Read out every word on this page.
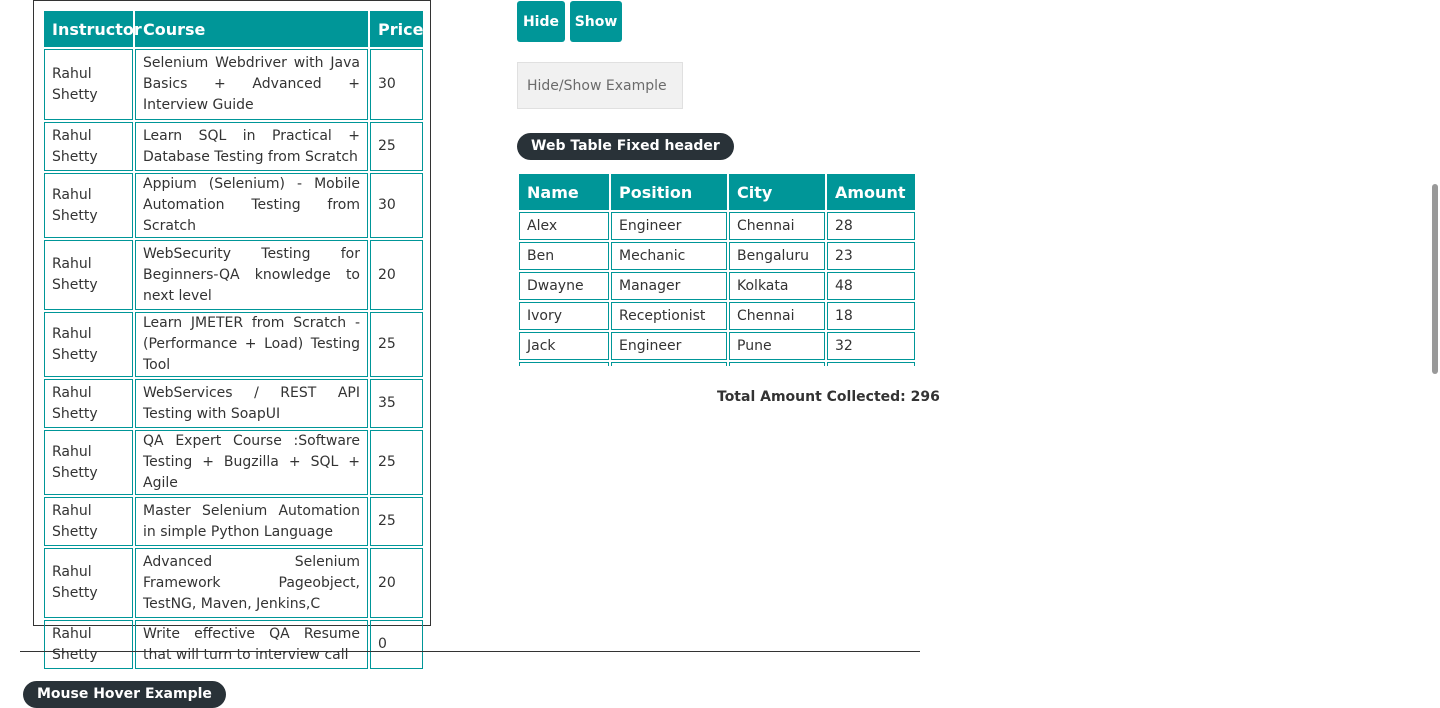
Instructor	Course	Price
Rahul Shetty	Selenium Webdriver with Java Basics + Advanced + Interview Guide	30
Rahul Shetty	Learn SQL in Practical + Database Testing from Scratch	25
Rahul Shetty	Appium (Selenium) - Mobile Automation Testing from Scratch	30
Rahul Shetty	WebSecurity Testing for Beginners-QA knowledge to next level	20
Rahul Shetty	Learn JMETER from Scratch - (Performance + Load) Testing Tool	25
Rahul Shetty	WebServices / REST API Testing with SoapUI	35
Rahul Shetty	QA Expert Course :Software Testing + Bugzilla + SQL + Agile	25
Rahul Shetty	Master Selenium Automation in simple Python Language	25
Rahul Shetty	Advanced Selenium Framework Pageobject, TestNG, Maven, Jenkins,C	20
Rahul Shetty	Write effective QA Resume that will turn to interview call	0
Hide	Show
Hide/Show Example
Web Table Fixed header
Name	Position	City	Amount
Alex	Engineer	Chennai	28
Ben	Mechanic	Bengaluru	23
Dwayne	Manager	Kolkata	48
Ivory	Receptionist	Chennai	18
Jack	Engineer	Pune	32

Total Amount Collected: 296
Mouse Hover Example
